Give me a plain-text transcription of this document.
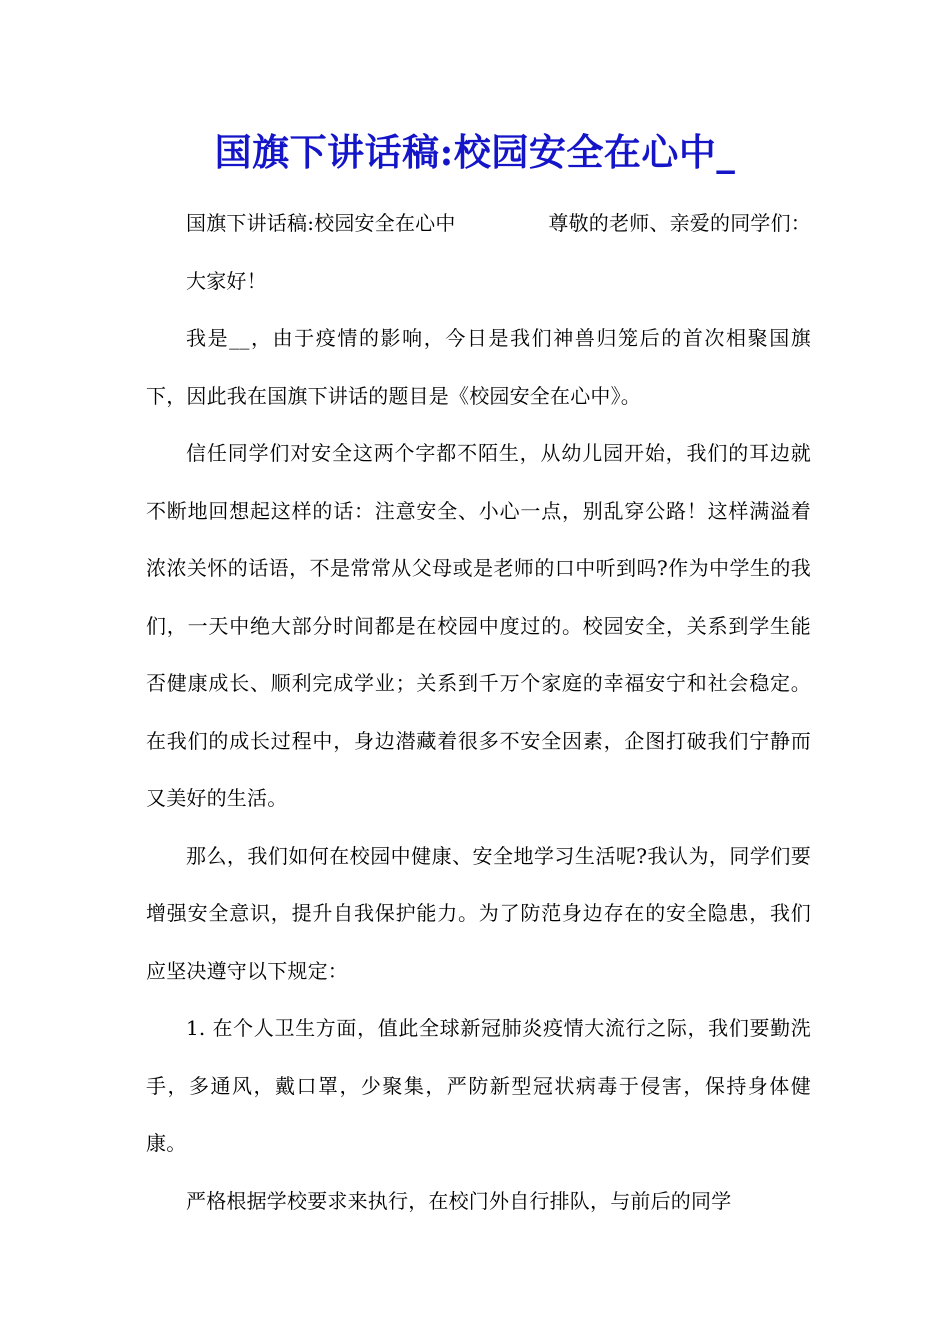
国旗下讲话稿:校园安全在心中_
国旗下讲话稿:校园安全在心中	尊敬的老师、亲爱的同学们：

大家好！

我是__，由于疫情的影响，今日是我们神兽归笼后的首次相聚国旗下，因此我在国旗下讲话的题目是《校园安全在心中》。

信任同学们对安全这两个字都不陌生，从幼儿园开始，我们的耳边就不断地回想起这样的话：注意安全、小心一点，别乱穿公路！这样满溢着浓浓关怀的话语，不是常常从父母或是老师的口中听到吗?作为中学生的我们，一天中绝大部分时间都是在校园中度过的。校园安全，关系到学生能否健康成长、顺利完成学业；关系到千万个家庭的幸福安宁和社会稳定。在我们的成长过程中，身边潜藏着很多不安全因素，企图打破我们宁静而又美好的生活。

那么，我们如何在校园中健康、安全地学习生活呢?我认为，同学们要增强安全意识，提升自我保护能力。为了防范身边存在的安全隐患，我们应坚决遵守以下规定：

1. 在个人卫生方面，值此全球新冠肺炎疫情大流行之际，我们要勤洗手，多通风，戴口罩，少聚集，严防新型冠状病毒于侵害，保持身体健康。

严格根据学校要求来执行，在校门外自行排队，与前后的同学
